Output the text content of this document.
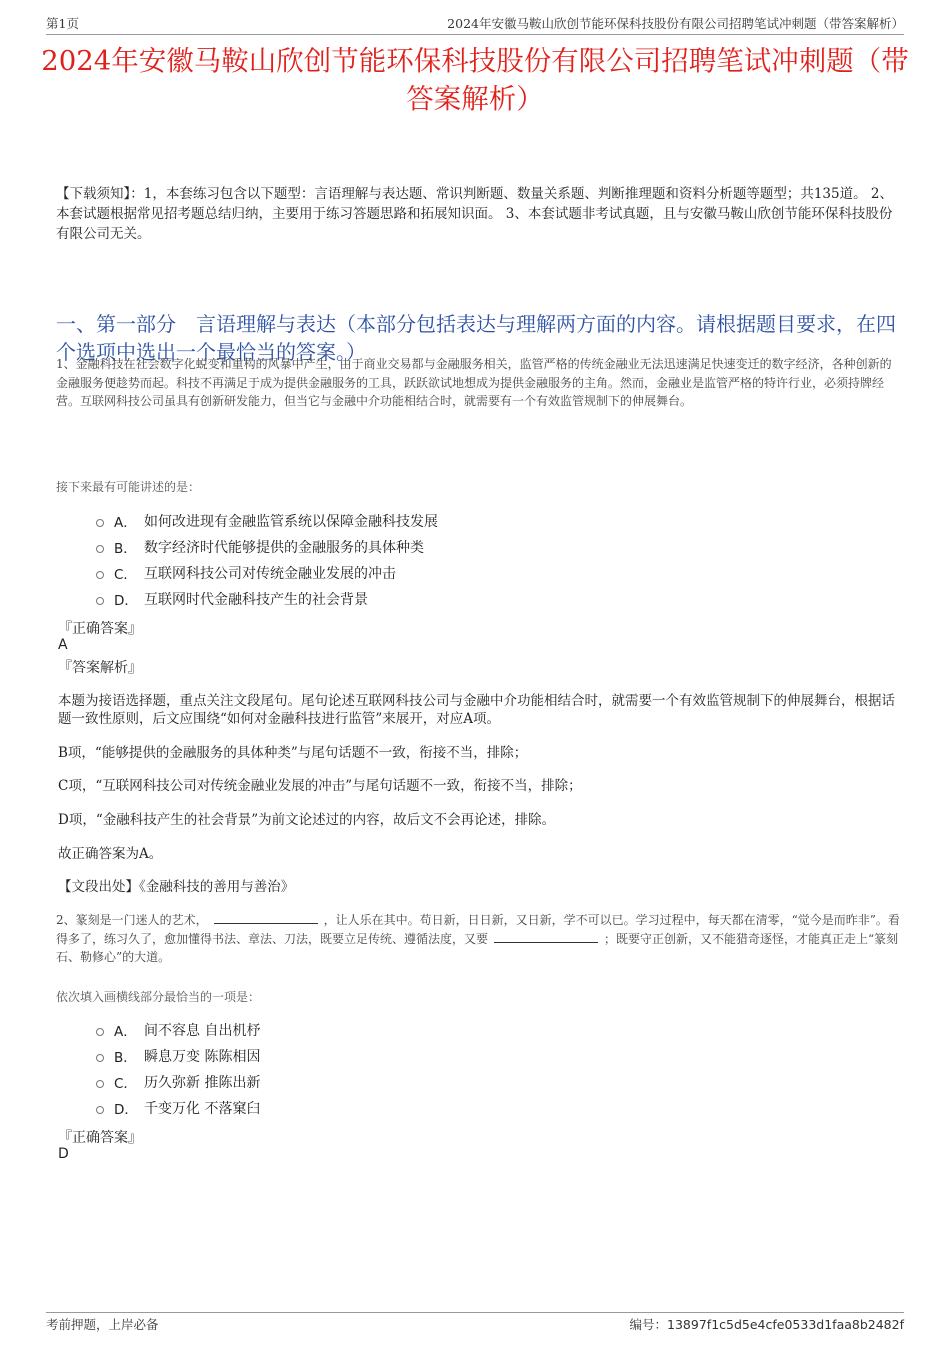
第1页	2024年安徽马鞍山欣创节能环保科技股份有限公司招聘笔试冲刺题（带答案解析）
2024年安徽马鞍山欣创节能环保科技股份有限公司招聘笔试冲刺题（带答案解析）
【下载须知】：1，本套练习包含以下题型：言语理解与表达题、常识判断题、数量关系题、判断推理题和资料分析题等题型；共135道。 2、本套试题根据常见招考题总结归纳，主要用于练习答题思路和拓展知识面。 3、本套试题非考试真题，且与安徽马鞍山欣创节能环保科技股份有限公司无关。
一、第一部分　言语理解与表达（本部分包括表达与理解两方面的内容。请根据题目要求，在四个选项中选出一个最恰当的答案。）
1、金融科技在社会数字化蜕变和重构的风暴中产生，由于商业交易都与金融服务相关，监管严格的传统金融业无法迅速满足快速变迁的数字经济，各种创新的金融服务便趁势而起。科技不再满足于成为提供金融服务的工具，跃跃欲试地想成为提供金融服务的主角。然而，金融业是监管严格的特许行业，必须持牌经营。互联网科技公司虽具有创新研发能力，但当它与金融中介功能相结合时，就需要有一个有效监管规制下的伸展舞台。
接下来最有可能讲述的是：
A． 如何改进现有金融监管系统以保障金融科技发展
B． 数字经济时代能够提供的金融服务的具体种类
C． 互联网科技公司对传统金融业发展的冲击
D． 互联网时代金融科技产生的社会背景
『正确答案』
A
『答案解析』
本题为接语选择题，重点关注文段尾句。尾句论述互联网科技公司与金融中介功能相结合时，就需要一个有效监管规制下的伸展舞台，根据话题一致性原则，后文应围绕“如何对金融科技进行监管”来展开，对应A项。
B项，“能够提供的金融服务的具体种类”与尾句话题不一致，衔接不当，排除；
C项，“互联网科技公司对传统金融业发展的冲击”与尾句话题不一致，衔接不当，排除；
D项，“金融科技产生的社会背景”为前文论述过的内容，故后文不会再论述，排除。
故正确答案为A。
【文段出处】《金融科技的善用与善治》
2、篆刻是一门迷人的艺术，	，让人乐在其中。苟日新，日日新，又日新，学不可以已。学习过程中，每天都在清零，“觉今是而昨非”。看得多了，练习久了，愈加懂得书法、章法、刀法，既要立足传统、遵循法度，又要	；既要守正创新，又不能猎奇逐怪，才能真正走上“篆刻石、勒修心”的大道。
依次填入画横线部分最恰当的一项是：
A． 间不容息 自出机杼
B． 瞬息万变 陈陈相因
C． 历久弥新 推陈出新
D． 千变万化 不落窠臼
『正确答案』
D
考前押题，上岸必备	编号：13897f1c5d5e4cfe0533d1faa8b2482f
